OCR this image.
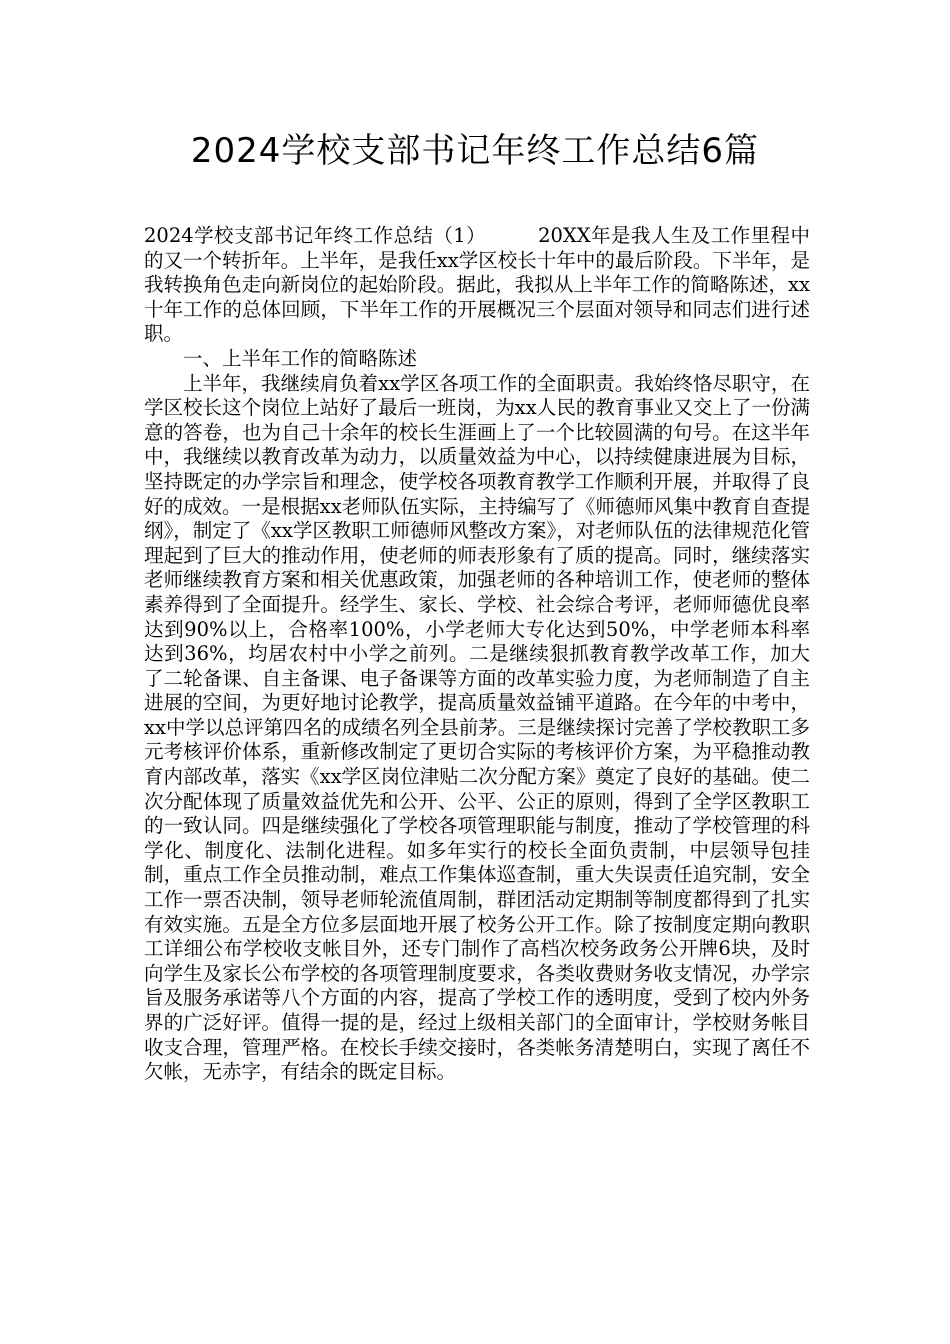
2024学校支部书记年终工作总结6篇

2024学校支部书记年终工作总结（1）	20XX年是我人生及工作里程中的又一个转折年。上半年，是我任xx学区校长十年中的最后阶段。下半年，是我转换角色走向新岗位的起始阶段。据此，我拟从上半年工作的简略陈述，xx十年工作的总体回顾，下半年工作的开展概况三个层面对领导和同志们进行述职。

一、上半年工作的简略陈述

上半年，我继续肩负着xx学区各项工作的全面职责。我始终恪尽职守，在学区校长这个岗位上站好了最后一班岗，为xx人民的教育事业又交上了一份满意的答卷，也为自己十余年的校长生涯画上了一个比较圆满的句号。在这半年中，我继续以教育改革为动力，以质量效益为中心，以持续健康进展为目标，坚持既定的办学宗旨和理念，使学校各项教育教学工作顺利开展，并取得了良好的成效。一是根据xx老师队伍实际，主持编写了《师德师风集中教育自查提纲》，制定了《xx学区教职工师德师风整改方案》，对老师队伍的法律规范化管理起到了巨大的推动作用，使老师的师表形象有了质的提高。同时，继续落实老师继续教育方案和相关优惠政策，加强老师的各种培训工作，使老师的整体素养得到了全面提升。经学生、家长、学校、社会综合考评，老师师德优良率达到90%以上，合格率100%，小学老师大专化达到50%，中学老师本科率达到36%，均居农村中小学之前列。二是继续狠抓教育教学改革工作，加大了二轮备课、自主备课、电子备课等方面的改革实验力度，为老师制造了自主进展的空间，为更好地讨论教学，提高质量效益铺平道路。在今年的中考中，xx中学以总评第四名的成绩名列全县前茅。三是继续探讨完善了学校教职工多元考核评价体系，重新修改制定了更切合实际的考核评价方案，为平稳推动教育内部改革，落实《xx学区岗位津贴二次分配方案》奠定了良好的基础。使二次分配体现了质量效益优先和公开、公平、公正的原则，得到了全学区教职工的一致认同。四是继续强化了学校各项管理职能与制度，推动了学校管理的科学化、制度化、法制化进程。如多年实行的校长全面负责制，中层领导包挂制，重点工作全员推动制，难点工作集体巡查制，重大失误责任追究制，安全工作一票否决制，领导老师轮流值周制，群团活动定期制等制度都得到了扎实有效实施。五是全方位多层面地开展了校务公开工作。除了按制度定期向教职工详细公布学校收支帐目外，还专门制作了高档次校务政务公开牌6块，及时向学生及家长公布学校的各项管理制度要求，各类收费财务收支情况，办学宗旨及服务承诺等八个方面的内容，提高了学校工作的透明度，受到了校内外务界的广泛好评。值得一提的是，经过上级相关部门的全面审计，学校财务帐目收支合理，管理严格。在校长手续交接时，各类帐务清楚明白，实现了离任不欠帐，无赤字，有结余的既定目标。
